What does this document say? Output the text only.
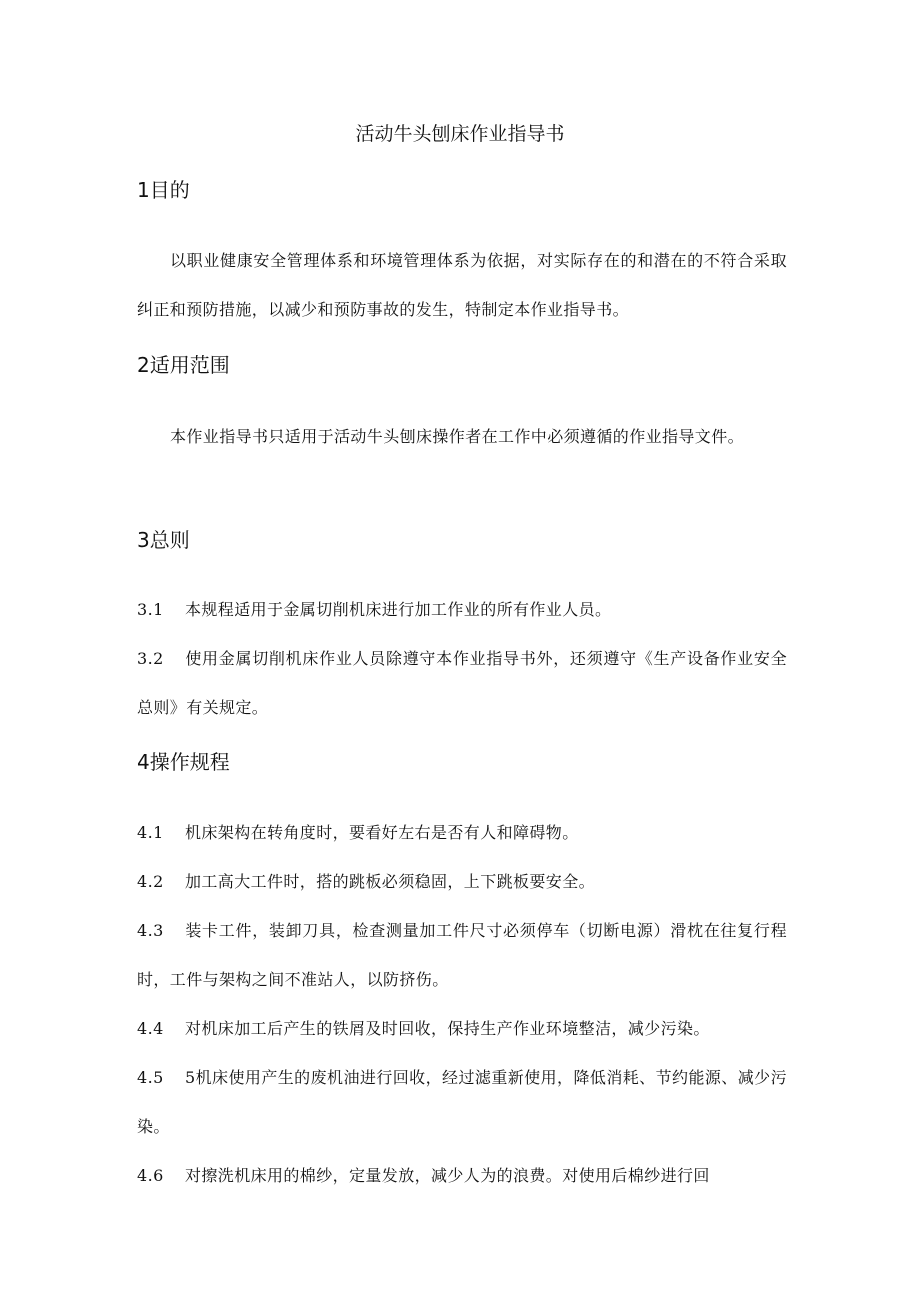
活动牛头刨床作业指导书
1目的
以职业健康安全管理体系和环境管理体系为依据，对实际存在的和潜在的不符合采取纠正和预防措施，以减少和预防事故的发生，特制定本作业指导书。
2适用范围
本作业指导书只适用于活动牛头刨床操作者在工作中必须遵循的作业指导文件。
3总则
3.1 本规程适用于金属切削机床进行加工作业的所有作业人员。
3.2 使用金属切削机床作业人员除遵守本作业指导书外，还须遵守《生产设备作业安全总则》有关规定。
4操作规程
4.1 机床架构在转角度时，要看好左右是否有人和障碍物。
4.2 加工高大工件时，搭的跳板必须稳固，上下跳板要安全。
4.3 装卡工件，装卸刀具，检查测量加工件尺寸必须停车（切断电源）滑枕在往复行程时，工件与架构之间不准站人，以防挤伤。
4.4 对机床加工后产生的铁屑及时回收，保持生产作业环境整洁，减少污染。
4.5 5机床使用产生的废机油进行回收，经过滤重新使用，降低消耗、节约能源、减少污染。
4.6 对擦洗机床用的棉纱，定量发放，减少人为的浪费。对使用后棉纱进行回
